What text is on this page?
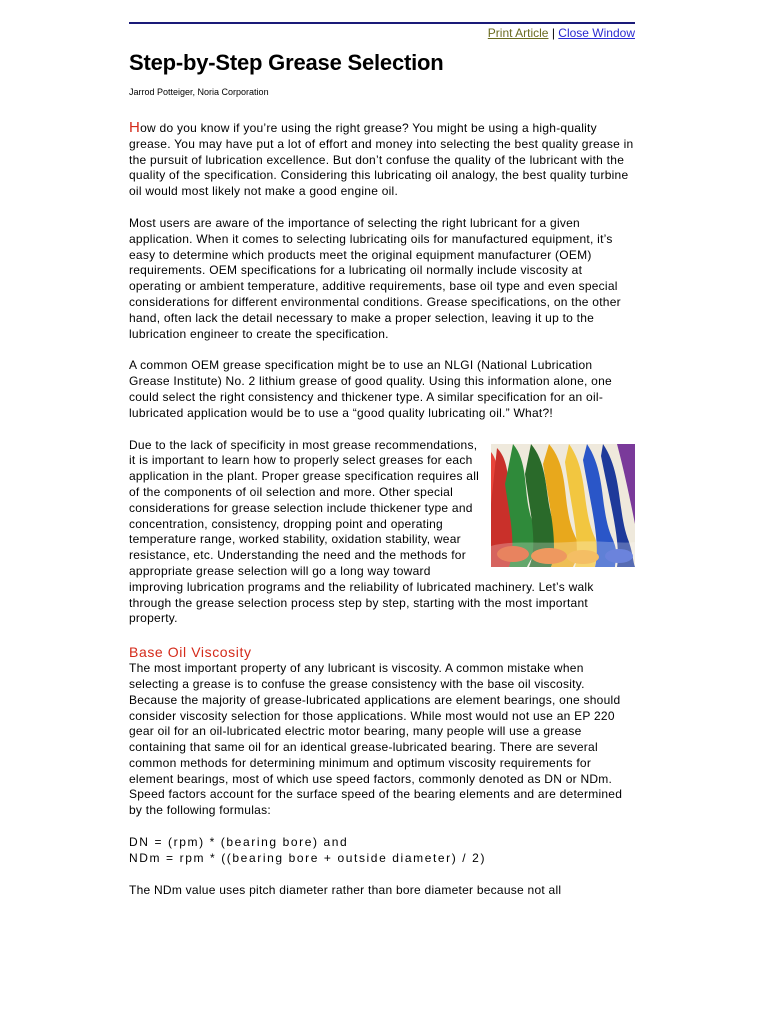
Print Article | Close Window
Step-by-Step Grease Selection
Jarrod Potteiger, Noria Corporation

How do you know if you’re using the right grease? You might be using a high-quality grease. You may have put a lot of effort and money into selecting the best quality grease in the pursuit of lubrication excellence. But don’t confuse the quality of the lubricant with the quality of the specification. Considering this lubricating oil analogy, the best quality turbine oil would most likely not make a good engine oil.

Most users are aware of the importance of selecting the right lubricant for a given application. When it comes to selecting lubricating oils for manufactured equipment, it’s easy to determine which products meet the original equipment manufacturer (OEM) requirements. OEM specifications for a lubricating oil normally include viscosity at operating or ambient temperature, additive requirements, base oil type and even special considerations for different environmental conditions. Grease specifications, on the other hand, often lack the detail necessary to make a proper selection, leaving it up to the lubrication engineer to create the specification.

A common OEM grease specification might be to use an NLGI (National Lubrication Grease Institute) No. 2 lithium grease of good quality. Using this information alone, one could select the right consistency and thickener type. A similar specification for an oil-lubricated application would be to use a “good quality lubricating oil.” What?!

Due to the lack of specificity in most grease recommendations, it is important to learn how to properly select greases for each application in the plant. Proper grease specification requires all of the components of oil selection and more. Other special considerations for grease selection include thickener type and concentration, consistency, dropping point and operating temperature range, worked stability, oxidation stability, wear resistance, etc. Understanding the need and the methods for appropriate grease selection will go a long way toward improving lubrication programs and the reliability of lubricated machinery. Let’s walk through the grease selection process step by step, starting with the most important property.

Base Oil Viscosity

The most important property of any lubricant is viscosity. A common mistake when selecting a grease is to confuse the grease consistency with the base oil viscosity. Because the majority of grease-lubricated applications are element bearings, one should consider viscosity selection for those applications. While most would not use an EP 220 gear oil for an oil-lubricated electric motor bearing, many people will use a grease containing that same oil for an identical grease-lubricated bearing. There are several common methods for determining minimum and optimum viscosity requirements for element bearings, most of which use speed factors, commonly denoted as DN or NDm. Speed factors account for the surface speed of the bearing elements and are determined by the following formulas:

DN = (rpm) * (bearing bore) and
NDm = rpm * ((bearing bore + outside diameter) / 2)

The NDm value uses pitch diameter rather than bore diameter because not all
